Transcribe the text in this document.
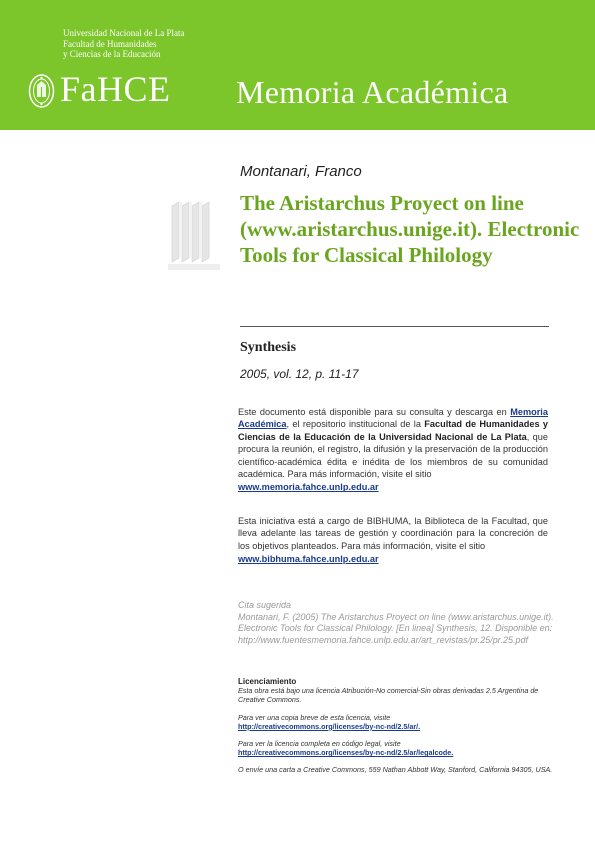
Universidad Nacional de La Plata
Facultad de Humanidades
y Ciencias de la Educación
FaHCE Memoria Académica
Montanari, Franco
The Aristarchus Proyect on line (www.aristarchus.unige.it). Electronic Tools for Classical Philology
Synthesis
2005, vol. 12, p. 11-17
Este documento está disponible para su consulta y descarga en Memoria Académica, el repositorio institucional de la Facultad de Humanidades y Ciencias de la Educación de la Universidad Nacional de La Plata, que procura la reunión, el registro, la difusión y la preservación de la producción científico-académica édita e inédita de los miembros de su comunidad académica. Para más información, visite el sitio
www.memoria.fahce.unlp.edu.ar
Esta iniciativa está a cargo de BIBHUMA, la Biblioteca de la Facultad, que lleva adelante las tareas de gestión y coordinación para la concreción de los objetivos planteados. Para más información, visite el sitio
www.bibhuma.fahce.unlp.edu.ar
Cita sugerida
Montanari, F. (2005) The Aristarchus Proyect on line (www.aristarchus.unige.it). Electronic Tools for Classical Philology. [En linea] Synthesis, 12. Disponible en: http://www.fuentesmemoria.fahce.unlp.edu.ar/art_revistas/pr.25/pr.25.pdf
Licenciamiento
Esta obra está bajo una licencia Atribución-No comercial-Sin obras derivadas 2.5 Argentina de Creative Commons.
Para ver una copia breve de esta licencia, visite
http://creativecommons.org/licenses/by-nc-nd/2.5/ar/.
Para ver la licencia completa en código legal, visite
http://creativecommons.org/licenses/by-nc-nd/2.5/ar/legalcode.
O envíe una carta a Creative Commons, 559 Nathan Abbott Way, Stanford, California 94305, USA.
